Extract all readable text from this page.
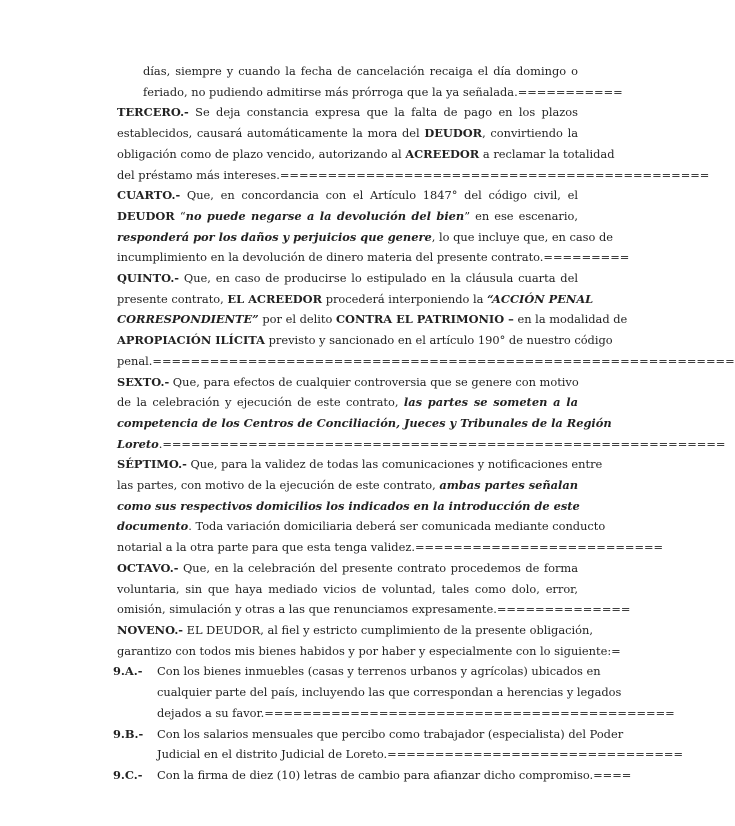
días, siempre y cuando la fecha de cancelación recaiga el día domingo o
feriado, no pudiendo admitirse más prórroga que la ya señalada.===========
TERCERO.- Se deja constancia expresa que la falta de pago en los plazos
establecidos, causará automáticamente la mora del DEUDOR, convirtiendo la
obligación como de plazo vencido, autorizando al ACREEDOR a reclamar la totalidad
del préstamo más intereses.=============================================
CUARTO.- Que, en concordancia con el Artículo 1847° del código civil, el
DEUDOR “no puede negarse a la devolución del bien” en ese escenario,
responderá por los daños y perjuicios que genere, lo que incluye que, en caso de
incumplimiento en la devolución de dinero materia del presente contrato.=========
QUINTO.- Que, en caso de producirse lo estipulado en la cláusula cuarta del
presente contrato, EL ACREEDOR procederá interponiendo la “ACCIÓN PENAL
CORRESPONDIENTE” por el delito CONTRA EL PATRIMONIO – en la modalidad de
APROPIACIÓN ILÍCITA previsto y sancionado en el artículo 190° de nuestro código
penal.=============================================================
SEXTO.- Que, para efectos de cualquier controversia que se genere con motivo
de la celebración y ejecución de este contrato, las partes se someten a la
competencia de los Centros de Conciliación, Jueces y Tribunales de la Región
Loreto.===========================================================
SÉPTIMO.- Que, para la validez de todas las comunicaciones y notificaciones entre
las partes, con motivo de la ejecución de este contrato, ambas partes señalan
como sus respectivos domicilios los indicados en la introducción de este
documento. Toda variación domiciliaria deberá ser comunicada mediante conducto
notarial a la otra parte para que esta tenga validez.==========================
OCTAVO.- Que, en la celebración del presente contrato procedemos de forma
voluntaria, sin que haya mediado vicios de voluntad, tales como dolo, error,
omisión, simulación y otras a las que renunciamos expresamente.==============
NOVENO.- EL DEUDOR, al fiel y estricto cumplimiento de la presente obligación,
garantizo con todos mis bienes habidos y por haber y especialmente con lo siguiente:=
9.A.-	Con los bienes inmuebles (casas y terrenos urbanos y agrícolas) ubicados en
cualquier parte del país, incluyendo las que correspondan a herencias y legados
dejados a su favor.===========================================
9.B.-	Con los salarios mensuales que percibo como trabajador (especialista) del Poder
Judicial en el distrito Judicial de Loreto.===============================

9.C.-	Con la firma de diez (10) letras de cambio para afianzar dicho compromiso.====
